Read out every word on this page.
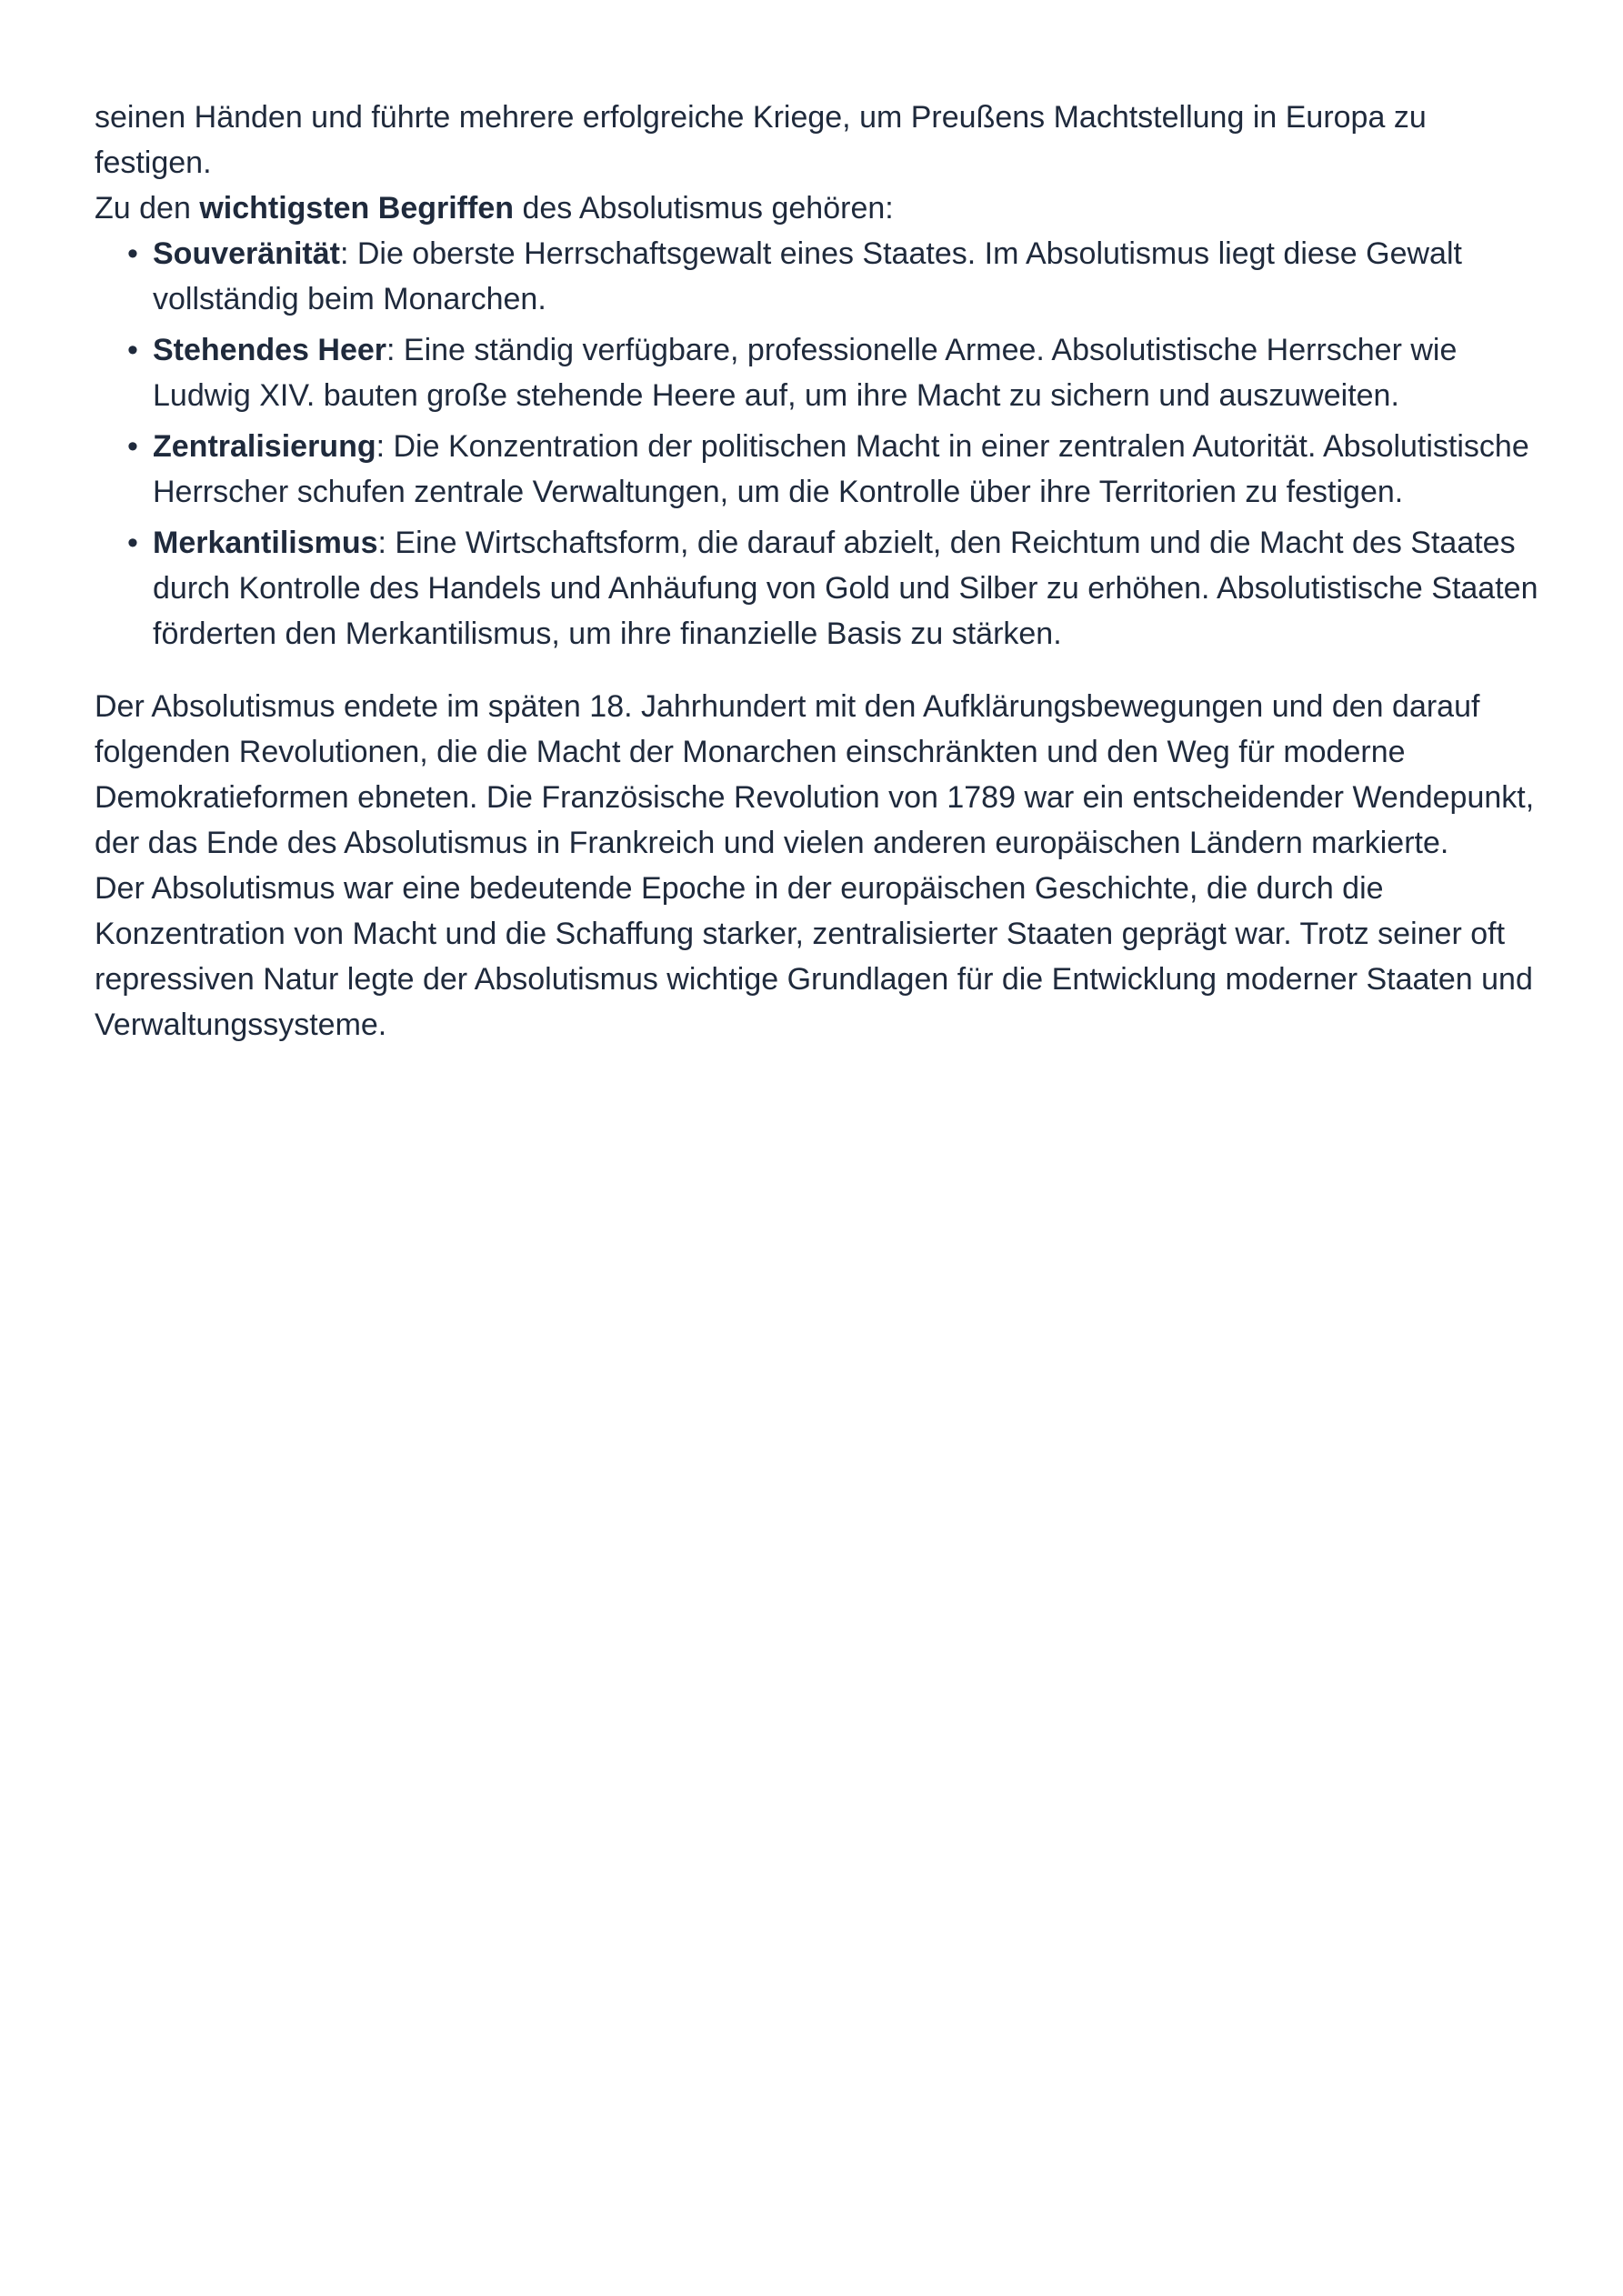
seinen Händen und führte mehrere erfolgreiche Kriege, um Preußens Machtstellung in Europa zu festigen.

Zu den wichtigsten Begriffen des Absolutismus gehören:

• Souveränität: Die oberste Herrschaftsgewalt eines Staates. Im Absolutismus liegt diese Gewalt vollständig beim Monarchen.
• Stehendes Heer: Eine ständig verfügbare, professionelle Armee. Absolutistische Herrscher wie Ludwig XIV. bauten große stehende Heere auf, um ihre Macht zu sichern und auszuweiten.
• Zentralisierung: Die Konzentration der politischen Macht in einer zentralen Autorität. Absolutistische Herrscher schufen zentrale Verwaltungen, um die Kontrolle über ihre Territorien zu festigen.
• Merkantilismus: Eine Wirtschaftsform, die darauf abzielt, den Reichtum und die Macht des Staates durch Kontrolle des Handels und Anhäufung von Gold und Silber zu erhöhen. Absolutistische Staaten förderten den Merkantilismus, um ihre finanzielle Basis zu stärken.

Der Absolutismus endete im späten 18. Jahrhundert mit den Aufklärungsbewegungen und den darauf folgenden Revolutionen, die die Macht der Monarchen einschränkten und den Weg für moderne Demokratieformen ebneten. Die Französische Revolution von 1789 war ein entscheidender Wendepunkt, der das Ende des Absolutismus in Frankreich und vielen anderen europäischen Ländern markierte.

Der Absolutismus war eine bedeutende Epoche in der europäischen Geschichte, die durch die Konzentration von Macht und die Schaffung starker, zentralisierter Staaten geprägt war. Trotz seiner oft repressiven Natur legte der Absolutismus wichtige Grundlagen für die Entwicklung moderner Staaten und Verwaltungssysteme.
